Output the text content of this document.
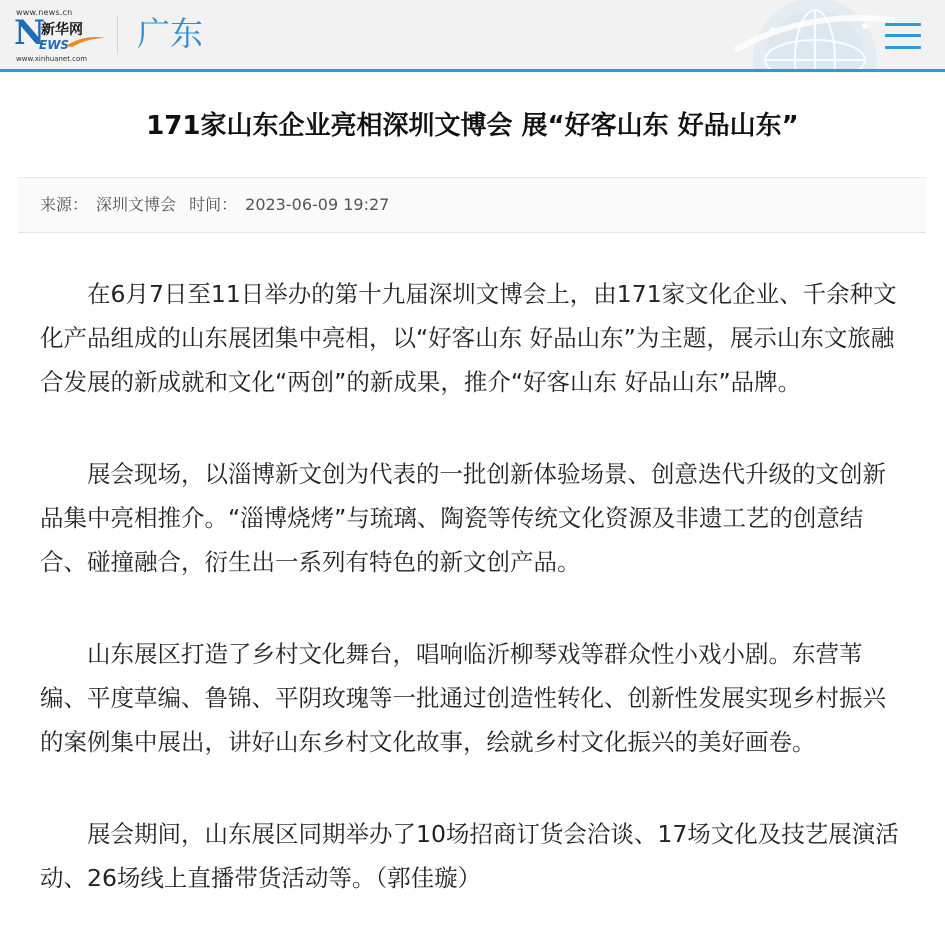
www.news.cn
N
新华网
EWS
www.xinhuanet.com
广东
171家山东企业亮相深圳文博会 展“好客山东 好品山东”
来源： 深圳文博会 时间： 2023-06-09 19:27

在6月7日至11日举办的第十九届深圳文博会上，由171家文化企业、千余种文化产品组成的山东展团集中亮相，以“好客山东 好品山东”为主题，展示山东文旅融合发展的新成就和文化“两创”的新成果，推介“好客山东 好品山东”品牌。

展会现场，以淄博新文创为代表的一批创新体验场景、创意迭代升级的文创新品集中亮相推介。“淄博烧烤”与琉璃、陶瓷等传统文化资源及非遗工艺的创意结合、碰撞融合，衍生出一系列有特色的新文创产品。

山东展区打造了乡村文化舞台，唱响临沂柳琴戏等群众性小戏小剧。东营苇编、平度草编、鲁锦、平阴玫瑰等一批通过创造性转化、创新性发展实现乡村振兴的案例集中展出，讲好山东乡村文化故事，绘就乡村文化振兴的美好画卷。

展会期间，山东展区同期举办了10场招商订货会洽谈、17场文化及技艺展演活动、26场线上直播带货活动等。（郭佳璇）
